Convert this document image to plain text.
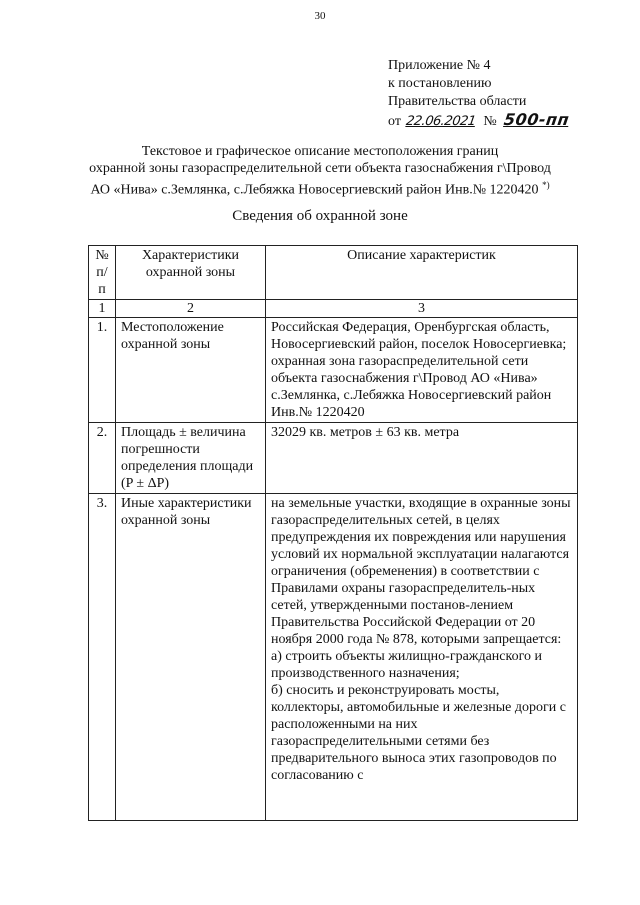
30
Приложение № 4
к постановлению
Правительства области
от 22.06.2021 № 500-пп
Текстовое и графическое описание местоположения границ
охранной зоны газораспределительной сети объекта газоснабжения г\Провод
АО «Нива» с.Землянка, с.Лебяжка Новосергиевский район Инв.№ 1220420 *)
Сведения об охранной зоне
№ п/п	Характеристики охранной зоны	Описание характеристик
1	2	3
1.	Местоположение охранной зоны	Российская Федерация, Оренбургская область, Новосергиевский район, поселок Новосергиевка; охранная зона газораспределительной сети объекта газоснабжения г\Провод АО «Нива» с.Землянка, с.Лебяжка Новосергиевский район Инв.№ 1220420
2.	Площадь ± величина погрешности определения площади (P ± ΔP)	32029 кв. метров ± 63 кв. метра
3.	Иные характеристики охранной зоны	на земельные участки, входящие в охранные зоны газораспределительных сетей, в целях предупреждения их повреждения или нарушения условий их нормальной эксплуатации налагаются ограничения (обременения) в соответствии с Правилами охраны газораспределитель-ных сетей, утвержденными постанов-лением Правительства Российской Федерации от 20 ноября 2000 года № 878, которыми запрещается:
а) строить объекты жилищно-гражданского и производственного назначения;
б) сносить и реконструировать мосты, коллекторы, автомобильные и железные дороги с расположенными на них газораспределительными сетями без предварительного выноса этих газопроводов по согласованию с
